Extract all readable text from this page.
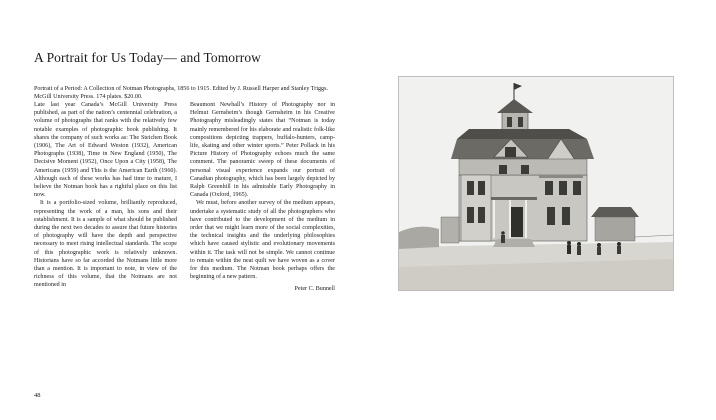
A Portrait for Us Today— and Tomorrow
Portrait of a Period: A Collection of Notman Photographs, 1856 to 1915. Edited by J. Russell Harper and Stanley Triggs. McGill University Press. 174 plates. $20.00.

Late last year Canada’s McGill University Press published, as part of the nation’s centennial celebration, a volume of photographs that ranks with the relatively few notable examples of photographic book publishing. It shares the company of such works as: The Steichen Book (1906), The Art of Edward Weston (1932), American Photographs (1938), Time in New England (1950), The Decisive Moment (1952), Once Upon a City (1958), The Americans (1959) and This is the American Earth (1960). Although each of these works has had time to mature, I believe the Notman book has a rightful place on this list now.

It is a portfolio-sized volume, brilliantly reproduced, representing the work of a man, his sons and their establishment. It is a sample of what should be published during the next two decades to assure that future histories of photography will have the depth and perspective necessary to meet rising intellectual standards. The scope of this photographic work is relatively unknown. Historians have so far accorded the Notmans little more than a mention. It is important to note, in view of the richness of this volume, that the Notmans are not mentioned in

Beaumont Newhall’s History of Photography nor in Helmut Gernsheim’s though Gernsheim in his Creative Photography misleadingly states that “Notman is today mainly remembered for his elaborate and realistic folk-like compositions depicting trappers, buffalo-hunters, camp-life, skating and other winter sports.” Peter Pollack in his Picture History of Photography echoes much the same comment. The panoramic sweep of these documents of personal visual experience expands our portrait of Canadian photography, which has been largely depicted by Ralph Greenhill in his admirable Early Photography in Canada (Oxford, 1965).

We must, before another survey of the medium appears, undertake a systematic study of all the photographers who have contributed to the development of the medium in order that we might learn more of the social complexities, the technical insights and the underlying philosophies which have caused stylistic and evolutionary movements within it. The task will not be simple. We cannot continue to remain within the neat quilt we have woven as a cover for this medium. The Notman book perhaps offers the beginning of a new pattern.

Peter C. Bunnell
48
